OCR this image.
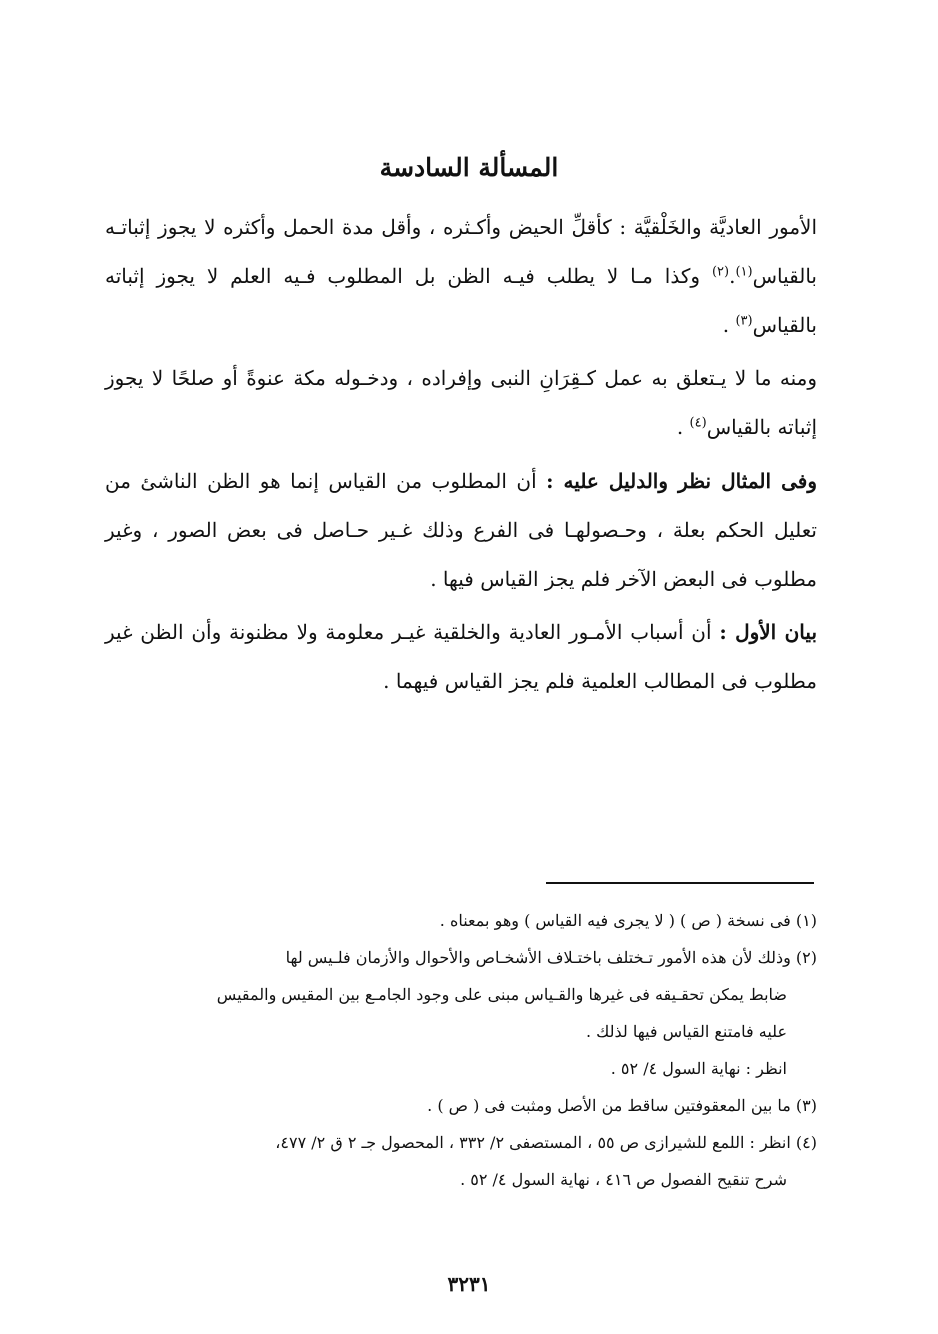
المسألة السادسة
الأمور العاديَّة والخَلْقيَّة : كأقلِّ الحيض وأكـثره ، وأقل مدة الحمل وأكثره لا يجوز إثباتـه بالقياس$^{(١)}$.$^{(٢)}$ وكذا مـا لا يطلب فيـه الظن بل المطلوب فـيه العلم لا يجوز إثباته بالقياس$^{(٣)}$ .
ومنه ما لا يـتعلق به عمل كـقِرَانِ النبى وإفراده ، ودخـوله مكة عنوةً أو صلحًا لا يجوز إثباته بالقياس$^{(٤)}$ .
وفى المثال نظر والدليل عليه : أن المطلوب من القياس إنما هو الظن الناشئ من تعليل الحكم بعلة ، وحـصولهـا فى الفرع وذلك غـير حـاصل فى بعض الصور ، وغير مطلوب فى البعض الآخر فلم يجز القياس فيها .
بيان الأول : أن أسباب الأمـور العادية والخلقية غيـر معلومة ولا مظنونة وأن الظن غير مطلوب فى المطالب العلمية فلم يجز القياس فيهما .
(١) فى نسخة ( ص ) ( لا يجرى فيه القياس ) وهو بمعناه .
(٢) وذلك لأن هذه الأمور تـختلف باختـلاف الأشخـاص والأحوال والأزمان فلـيس لها
ضابط يمكن تحقـيقه فى غيرها والقـياس مبنى على وجود الجامـع بين المقيس والمقيس
عليه فامتنع القياس فيها لذلك .
انظر : نهاية السول ٤/ ٥٢ .
(٣) ما بين المعقوفتين ساقط من الأصل ومثبت فى ( ص ) .
(٤) انظر : اللمع للشيرازى ص ٥٥ ، المستصفى ٢/ ٣٣٢ ، المحصول جـ ٢ ق ٢/ ٤٧٧،
شرح تنقيح الفصول ص ٤١٦ ، نهاية السول ٤/ ٥٢ .
٣٢٣١
